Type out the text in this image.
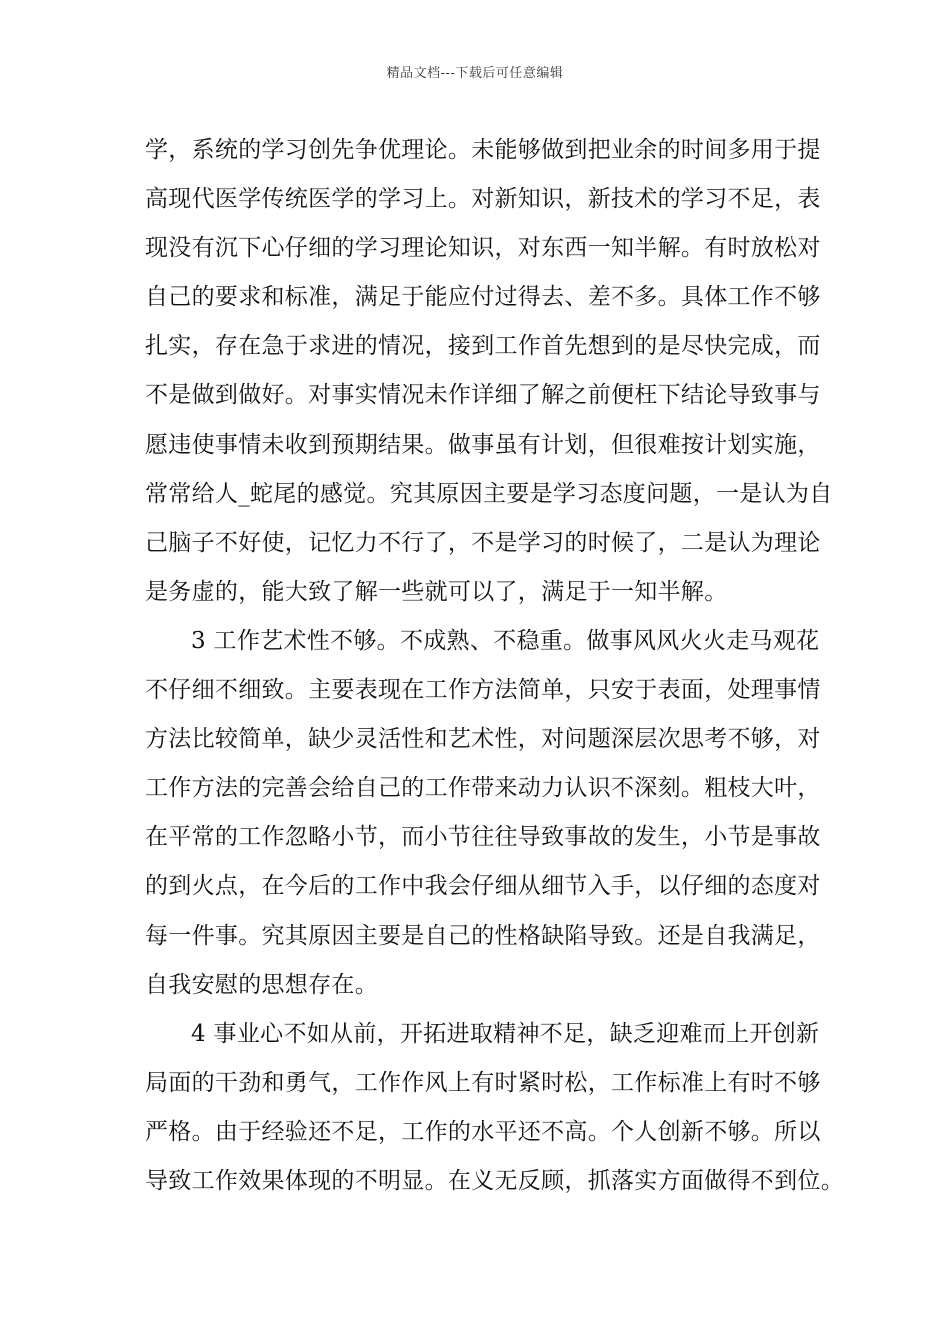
精品文档---下载后可任意编辑

学，系统的学习创先争优理论。未能够做到把业余的时间多用于提
高现代医学传统医学的学习上。对新知识，新技术的学习不足，表
现没有沉下心仔细的学习理论知识，对东西一知半解。有时放松对
自己的要求和标准，满足于能应付过得去、差不多。具体工作不够
扎实，存在急于求进的情况，接到工作首先想到的是尽快完成，而
不是做到做好。对事实情况未作详细了解之前便枉下结论导致事与
愿违使事情未收到预期结果。做事虽有计划，但很难按计划实施，
常常给人_蛇尾的感觉。究其原因主要是学习态度问题，一是认为自
己脑子不好使，记忆力不行了，不是学习的时候了，二是认为理论
是务虚的，能大致了解一些就可以了，满足于一知半解。

3 工作艺术性不够。不成熟、不稳重。做事风风火火走马观花
不仔细不细致。主要表现在工作方法简单，只安于表面，处理事情
方法比较简单，缺少灵活性和艺术性，对问题深层次思考不够，对
工作方法的完善会给自己的工作带来动力认识不深刻。粗枝大叶，
在平常的工作忽略小节，而小节往往导致事故的发生，小节是事故
的到火点，在今后的工作中我会仔细从细节入手，以仔细的态度对
每一件事。究其原因主要是自己的性格缺陷导致。还是自我满足，
自我安慰的思想存在。

4 事业心不如从前，开拓进取精神不足，缺乏迎难而上开创新
局面的干劲和勇气，工作作风上有时紧时松，工作标准上有时不够
严格。由于经验还不足，工作的水平还不高。个人创新不够。所以
导致工作效果体现的不明显。在义无反顾，抓落实方面做得不到位。
